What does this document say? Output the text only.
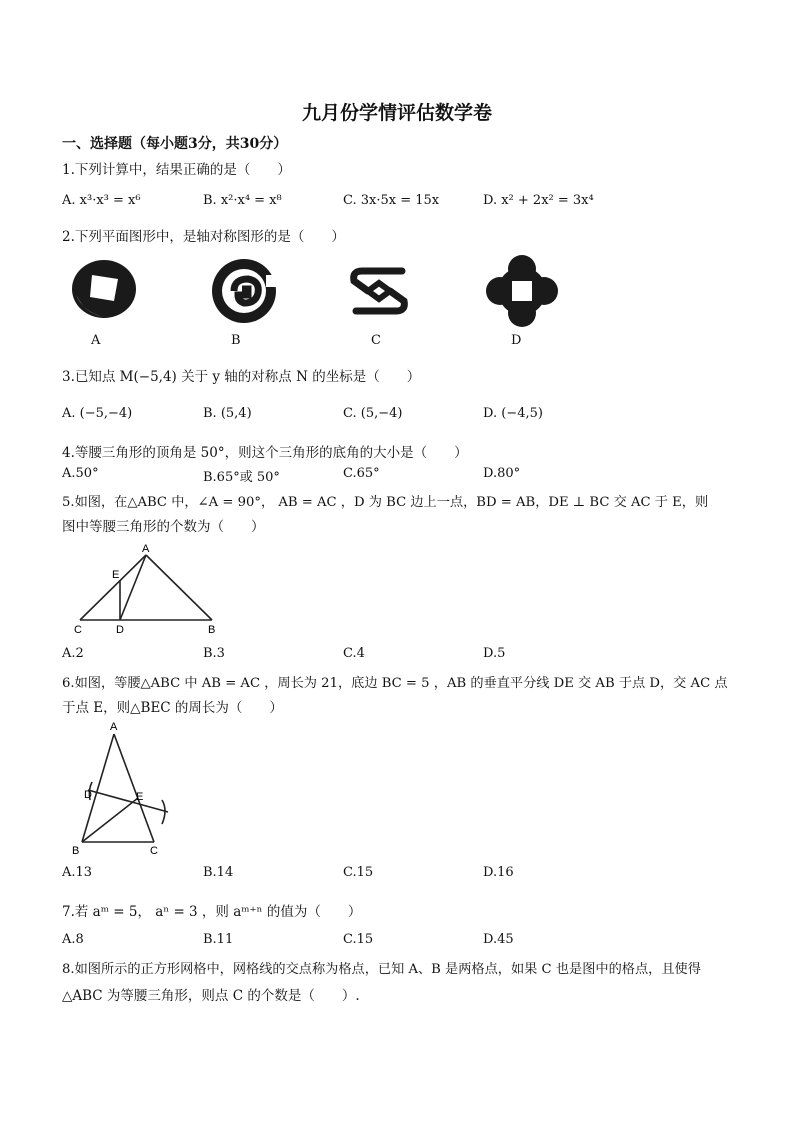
九月份学情评估数学卷
一、选择题（每小题3分，共30分）
1.下列计算中，结果正确的是（　　）
A. x³·x³ = x⁶	B. x²·x⁴ = x⁸	C. 3x·5x = 15x	D. x² + 2x² = 3x⁴
2.下列平面图形中，是轴对称图形的是（　　）
A	B	C	D
3.已知点 M(−5,4) 关于 y 轴的对称点 N 的坐标是（　　）
A. (−5,−4)	B. (5,4)	C. (5,−4)	D. (−4,5)
4.等腰三角形的顶角是 50°，则这个三角形的底角的大小是（　　）
A.50°	B.65°或 50°	C.65°	D.80°
5.如图，在△ABC 中，∠A = 90°， AB = AC ，D 为 BC 边上一点，BD = AB，DE ⊥ BC 交 AC 于 E，则
图中等腰三角形的个数为（　　）
A
E
C	D	B
A.2	B.3	C.4	D.5
6.如图，等腰△ABC 中 AB = AC ，周长为 21，底边 BC = 5 ，AB 的垂直平分线 DE 交 AB 于点 D，交 AC 点
于点 E，则△BEC 的周长为（　　）
A
D	E
B	C
A.13	B.14	C.15	D.16
7.若 aᵐ = 5， aⁿ = 3 ，则 aᵐ⁺ⁿ 的值为（　　）
A.8	B.11	C.15	D.45
8.如图所示的正方形网格中，网格线的交点称为格点，已知 A、B 是两格点，如果 C 也是图中的格点，且使得
△ABC 为等腰三角形，则点 C 的个数是（　　）.
